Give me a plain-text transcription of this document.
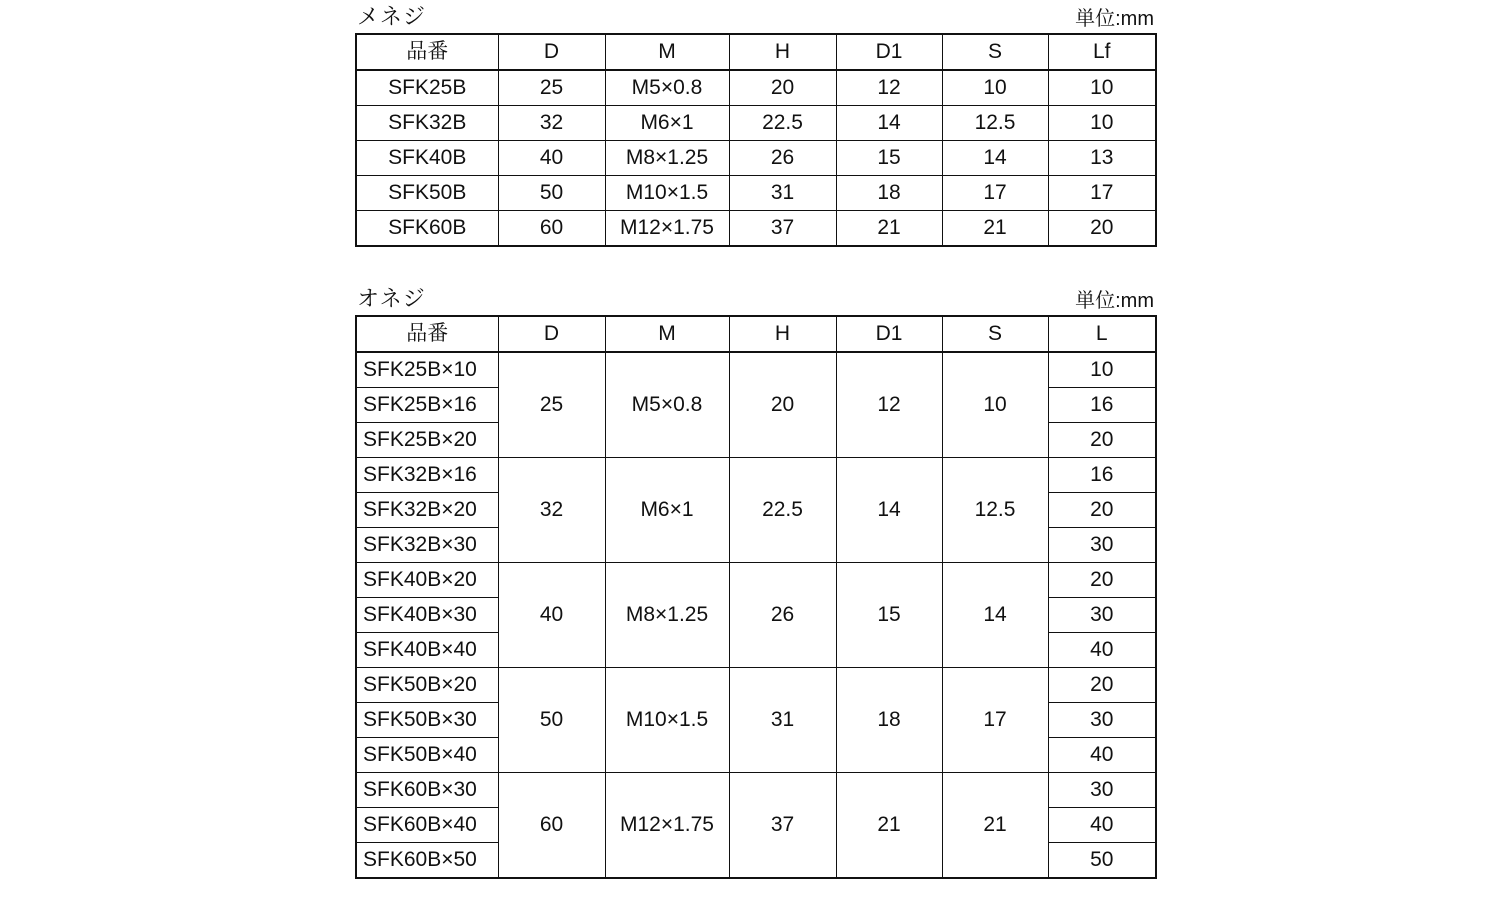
メネジ	単位:mm
品番	D	M	H	D1	S	Lf
SFK25B	25	M5×0.8	20	12	10	10
SFK32B	32	M6×1	22.5	14	12.5	10
SFK40B	40	M8×1.25	26	15	14	13
SFK50B	50	M10×1.5	31	18	17	17
SFK60B	60	M12×1.75	37	21	21	20
オネジ	単位:mm
品番	D	M	H	D1	S	L
SFK25B×10	25	M5×0.8	20	12	10	10
SFK25B×16						16
SFK25B×20						20
SFK32B×16	32	M6×1	22.5	14	12.5	16
SFK32B×20						20
SFK32B×30						30
SFK40B×20	40	M8×1.25	26	15	14	20
SFK40B×30						30
SFK40B×40						40
SFK50B×20	50	M10×1.5	31	18	17	20
SFK50B×30						30
SFK50B×40						40
SFK60B×30	60	M12×1.75	37	21	21	30
SFK60B×40						40
SFK60B×50						50
